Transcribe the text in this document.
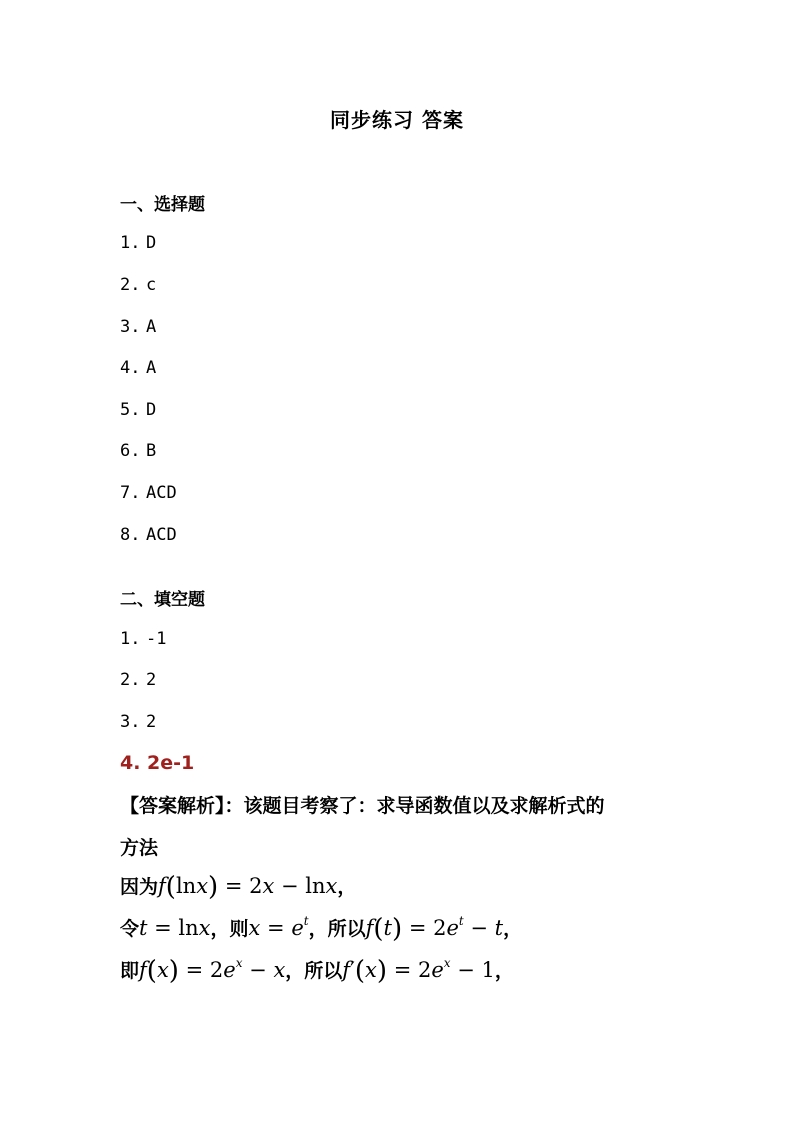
同步练习 答案
一、选择题
1. D
2. c
3. A
4. A
5. D
6. B
7. ACD
8. ACD
二、填空题
1. -1
2. 2
3. 2
4. 2e-1
【答案解析】：该题目考察了：求导函数值以及求解析式的
方法
因为f(lnx) = 2x − lnx，
令t = lnx，则$x = e^t$，所以$f(t) = 2e^t - t$，
即$f(x) = 2e^x - x$，所以$f'(x) = 2e^x - 1$，
